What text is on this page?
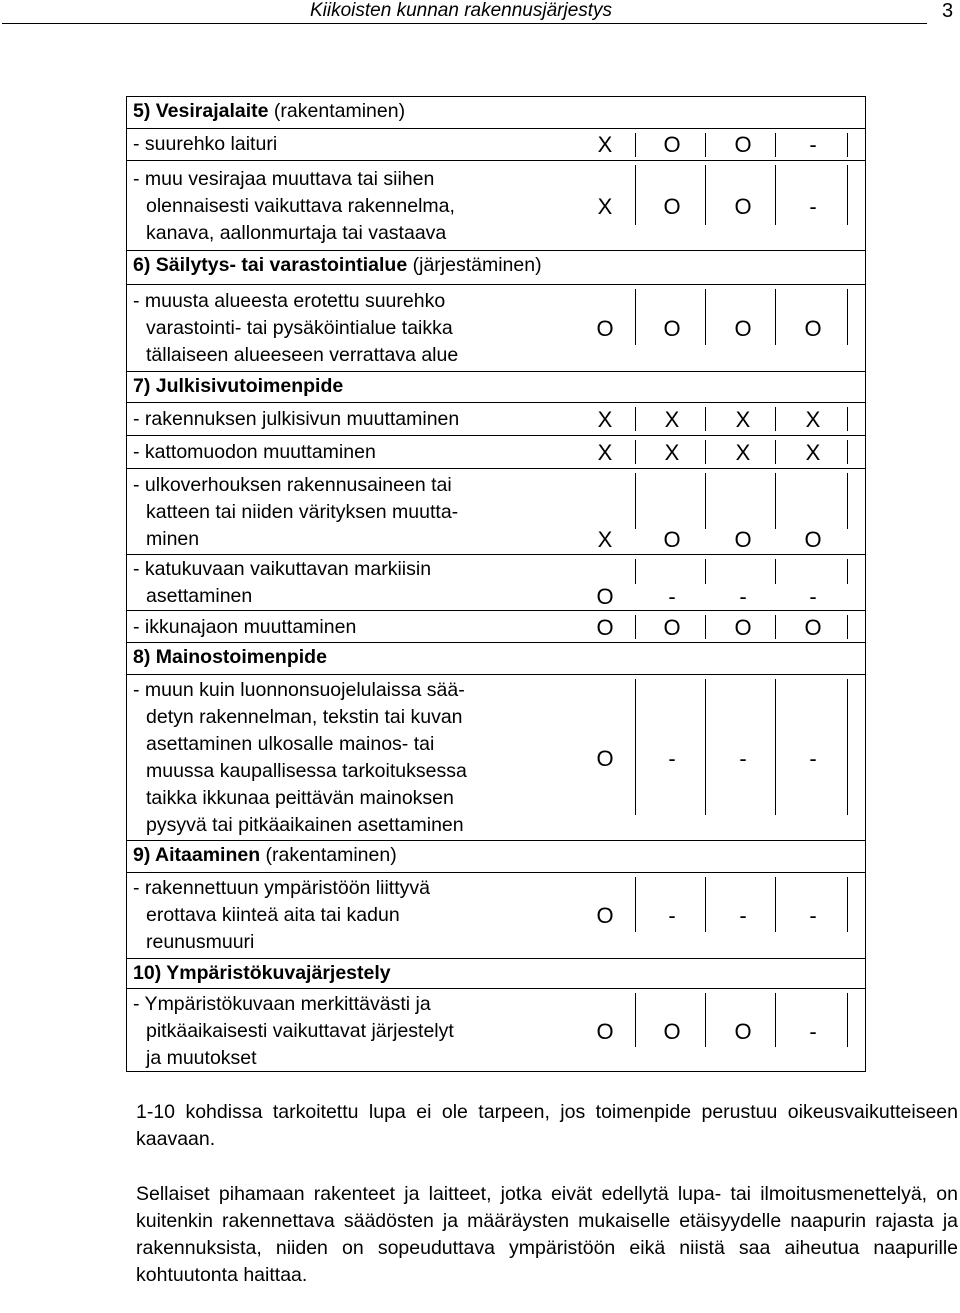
Kiikoisten kunnan rakennusjärjestys	3
5) Vesirajalaite (rakentaminen)
- suurehko laituri	X	O	O	-
- muu vesirajaa muuttava tai siihen
olennaisesti vaikuttava rakennelma,
kanava, aallonmurtaja tai vastaava
X	O	O	-
6) Säilytys- tai varastointialue (järjestäminen)
- muusta alueesta erotettu suurehko
varastointi- tai pysäköintialue taikka
tällaiseen alueeseen verrattava alue
O	O	O	O
7) Julkisivutoimenpide
- rakennuksen julkisivun muuttaminen	X	X	X	X
- kattomuodon muuttaminen	X	X	X	X
- ulkoverhouksen rakennusaineen tai
katteen tai niiden värityksen muutta-
minen	X	O	O	O
- katukuvaan vaikuttavan markiisin
asettaminen	O	-	-	-
- ikkunajaon muuttaminen	O	O	O	O
8) Mainostoimenpide
- muun kuin luonnonsuojelulaissa sää-
detyn rakennelman, tekstin tai kuvan
asettaminen ulkosalle mainos- tai
muussa kaupallisessa tarkoituksessa
taikka ikkunaa peittävän mainoksen
pysyvä tai pitkäaikainen asettaminen
O	-	-	-
9) Aitaaminen (rakentaminen)
- rakennettuun ympäristöön liittyvä
erottava kiinteä aita tai kadun
reunusmuuri
O	-	-	-
10) Ympäristökuvajärjestely
- Ympäristökuvaan merkittävästi ja
pitkäaikaisesti vaikuttavat järjestelyt
ja muutokset
O	O	O	-
1-10 kohdissa tarkoitettu lupa ei ole tarpeen, jos toimenpide perustuu oikeusvaikutteiseen kaavaan.
Sellaiset pihamaan rakenteet ja laitteet, jotka eivät edellytä lupa- tai ilmoitusmenettelyä, on kuitenkin rakennettava säädösten ja määräysten mukaiselle etäisyydelle naapurin rajasta ja rakennuksista, niiden on sopeuduttava ympäristöön eikä niistä saa aiheutua naapurille kohtuutonta haittaa.
